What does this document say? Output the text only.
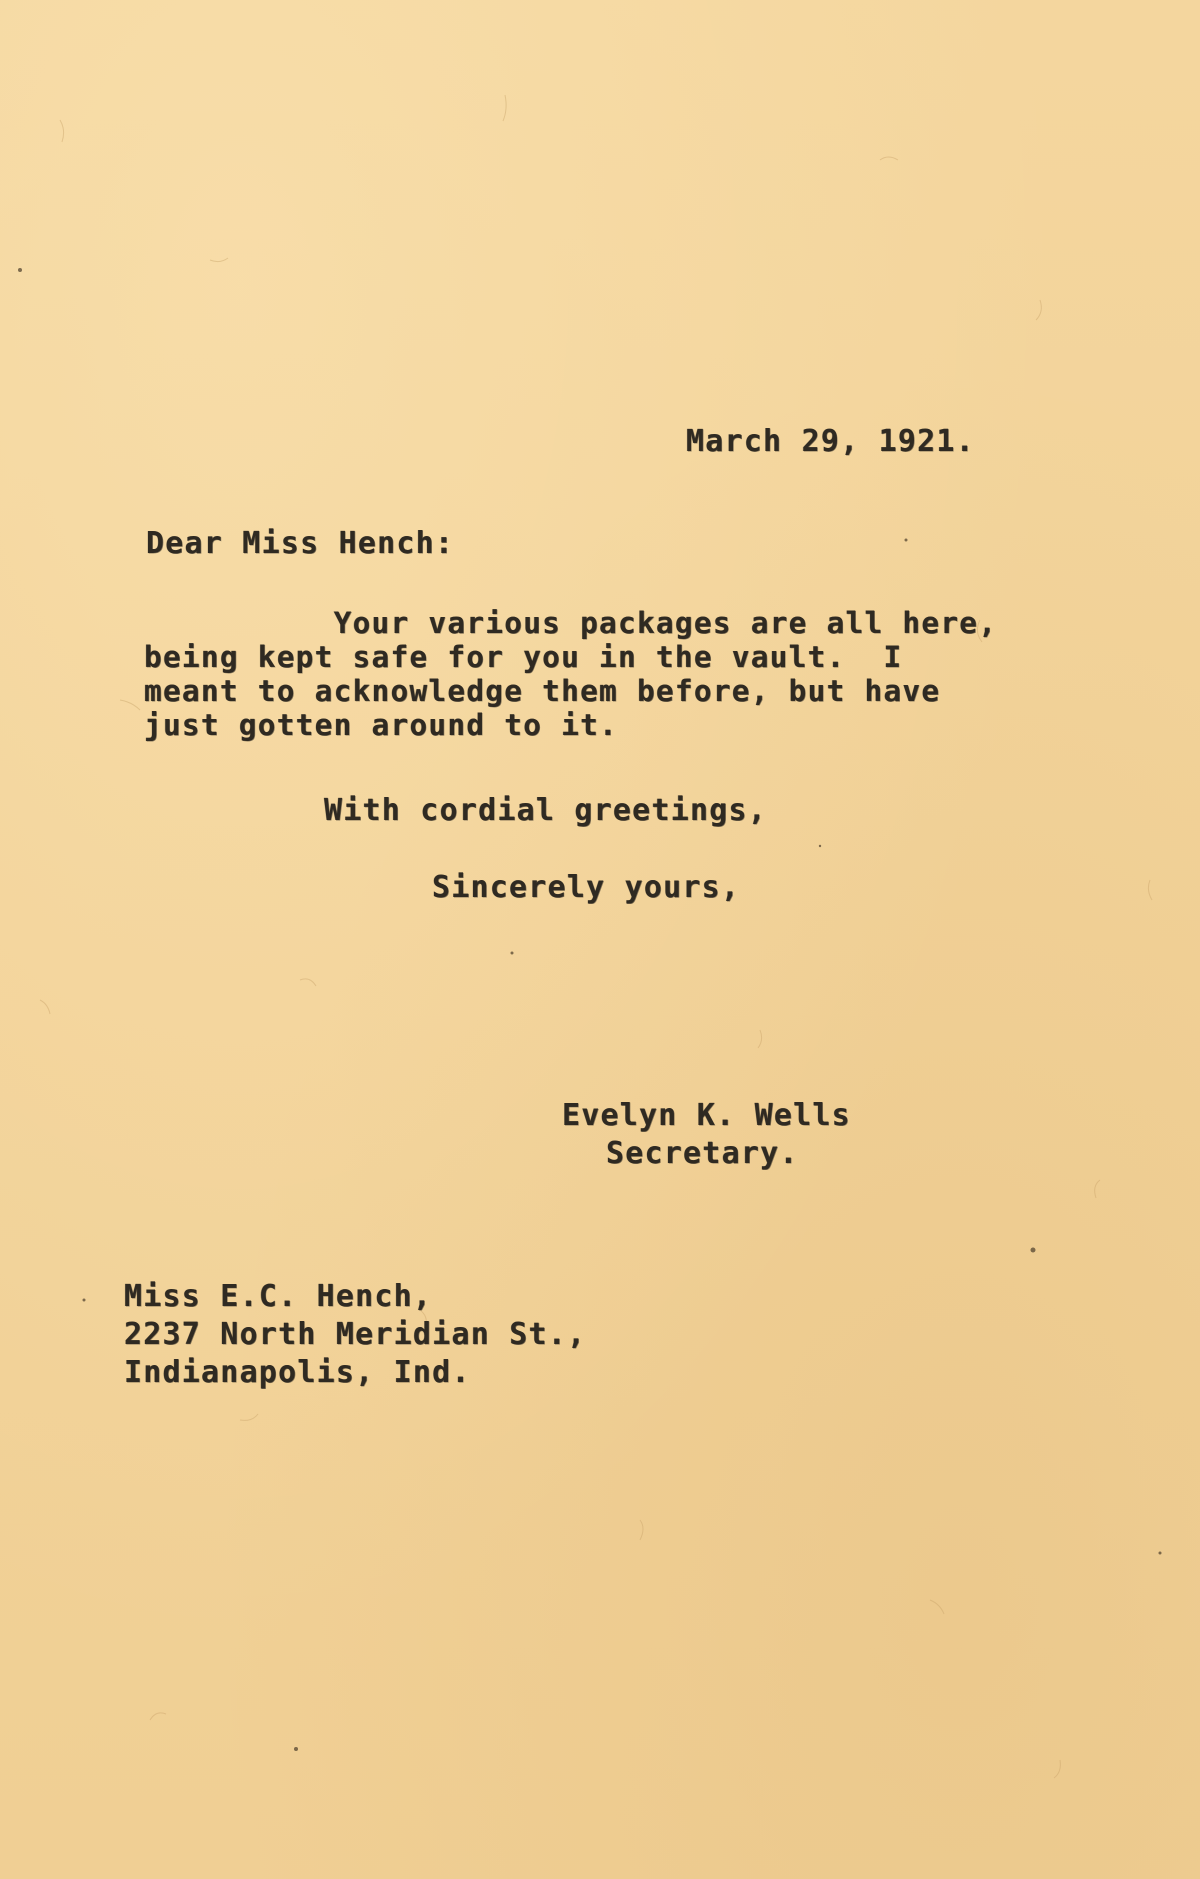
March 29, 1921.

Dear Miss Hench:

Your various packages are all here,
being kept safe for you in the vault.  I
meant to acknowledge them before, but have
just gotten around to it.

With cordial greetings,

Sincerely yours,

Evelyn K. Wells

Secretary.

Miss E.C. Hench,
2237 North Meridian St.,
Indianapolis, Ind.
